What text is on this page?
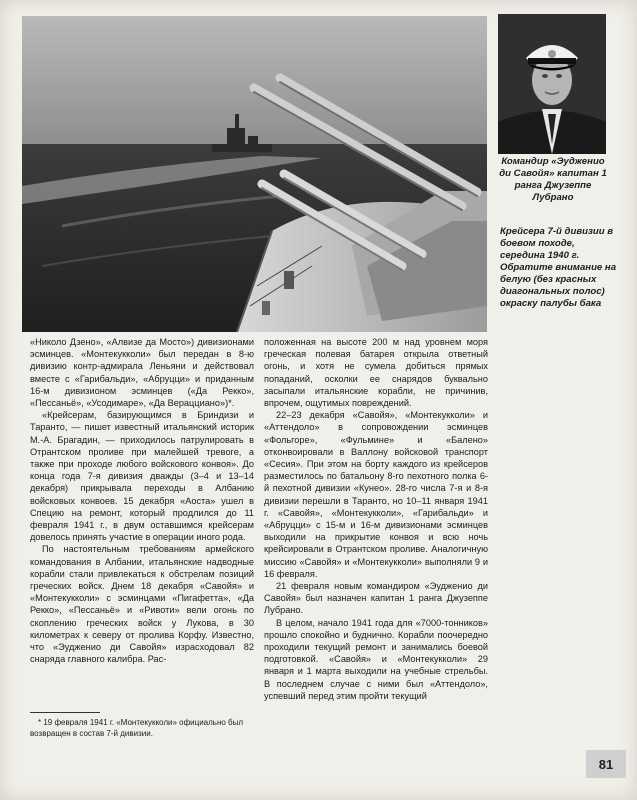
Командир «Эудженио ди Савойя» капитан 1 ранга Джузеппе Лубрано
Крейсера 7-й дивизии в боевом походе, середина 1940 г. Обратите внимание на белую (без красных диагональных полос) окраску палубы бака

«Николо Дзено», «Алвизе да Мосто») дивизионами эсминцев. «Монтекукколи» был передан в 8-ю дивизию контр-адмирала Леньяни и действовал вместе с «Гарибальди», «Абруцци» и приданным 16-м дивизионом эсминцев («Да Рекко», «Пессаньё», «Усодимаре», «Да Верацциано»)*.

«Крейсерам, базирующимся в Бриндизи и Таранто, — пишет известный итальянский историк М.-А. Брагадин, — приходилось патрулировать в Отрантском проливе при малейшей тревоге, а также при проходе любого войскового конвоя». До конца года 7-я дивизия дважды (3–4 и 13–14 декабря) прикрывала переходы в Албанию войсковых конвоев. 15 декабря «Аоста» ушел в Специю на ремонт, который продлился до 11 февраля 1941 г., в двум оставшимся крейсерам довелось принять участие в операции иного рода.

По настоятельным требованиям армейского командования в Албании, итальянские надводные корабли стали привлекаться к обстрелам позиций греческих войск. Днем 18 декабря «Савойя» и «Монтекукколи» с эсминцами «Пигафетта», «Да Рекко», «Пессаньё» и «Ривоти» вели огонь по скоплению греческих войск у Лукова, в 30 километрах к северу от пролива Корфу. Известно, что «Эудженио ди Савойя» израсходовал 82 снаряда главного калибра. Рас-

положенная на высоте 200 м над уровнем моря греческая полевая батарея открыла ответный огонь, и хотя не сумела добиться прямых попаданий, осколки ее снарядов буквально засыпали итальянские корабли, не причинив, впрочем, ощутимых повреждений.

22–23 декабря «Савойя», «Монтекукколи» и «Аттендоло» в сопровождении эсминцев «Фольгоре», «Фульмине» и «Балено» отконвоировали в Валлону войсковой транспорт «Сесия». При этом на борту каждого из крейсеров разместилось по батальону 8-го пехотного полка 6-й пехотной дивизии «Кунео». 28-го числа 7-я и 8-я дивизии перешли в Таранто, но 10–11 января 1941 г. «Савойя», «Монтекукколи», «Гарибальди» и «Абруцци» с 15-м и 16-м дивизионами эсминцев выходили на прикрытие конвоя и всю ночь крейсировали в Отрантском проливе. Аналогичную миссию «Савойя» и «Монтекукколи» выполняли 9 и 16 февраля.

21 февраля новым командиром «Эудженио ди Савойя» был назначен капитан 1 ранга Джузеппе Лубрано.

В целом, начало 1941 года для «7000-тонников» прошло спокойно и буднично. Корабли поочередно проходили текущий ремонт и занимались боевой подготовкой. «Савойя» и «Монтекукколи» 29 января и 1 марта выходили на учебные стрельбы. В последнем случае с ними был «Аттендоло», успевший перед этим пройти текущий

* 19 февраля 1941 г. «Монтекукколи» официально был возвращен в состав 7-й дивизии.
81
